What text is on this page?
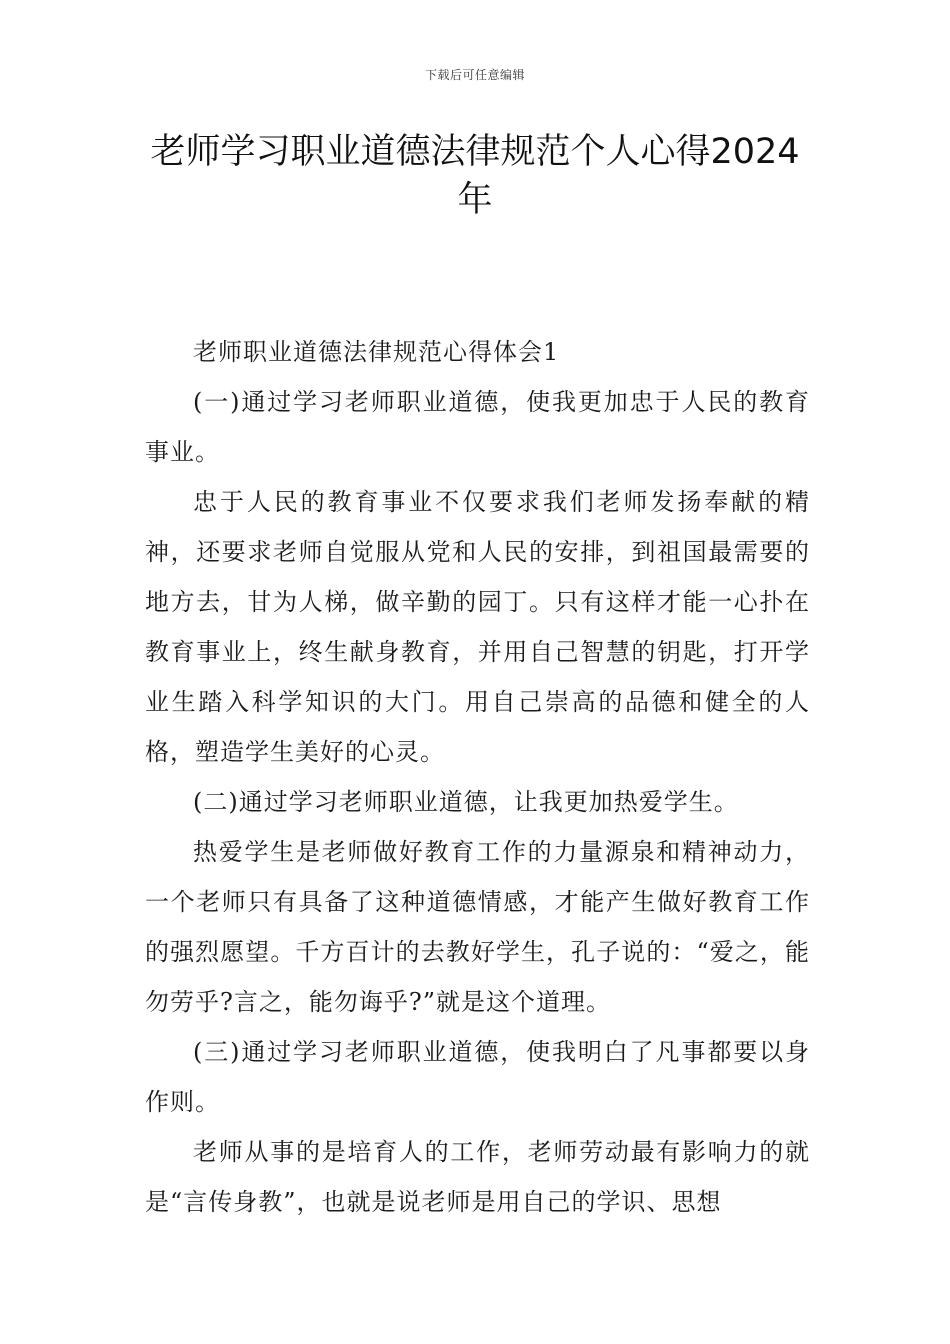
下载后可任意编辑
老师学习职业道德法律规范个人心得2024年

老师职业道德法律规范心得体会1

(一)通过学习老师职业道德，使我更加忠于人民的教育事业。

忠于人民的教育事业不仅要求我们老师发扬奉献的精神，还要求老师自觉服从党和人民的安排，到祖国最需要的地方去，甘为人梯，做辛勤的园丁。只有这样才能一心扑在教育事业上，终生献身教育，并用自己智慧的钥匙，打开学业生踏入科学知识的大门。用自己崇高的品德和健全的人格，塑造学生美好的心灵。

(二)通过学习老师职业道德，让我更加热爱学生。

热爱学生是老师做好教育工作的力量源泉和精神动力，一个老师只有具备了这种道德情感，才能产生做好教育工作的强烈愿望。千方百计的去教好学生，孔子说的：“爱之，能勿劳乎?言之，能勿诲乎?”就是这个道理。

(三)通过学习老师职业道德，使我明白了凡事都要以身作则。

老师从事的是培育人的工作，老师劳动最有影响力的就是“言传身教”，也就是说老师是用自己的学识、思想
